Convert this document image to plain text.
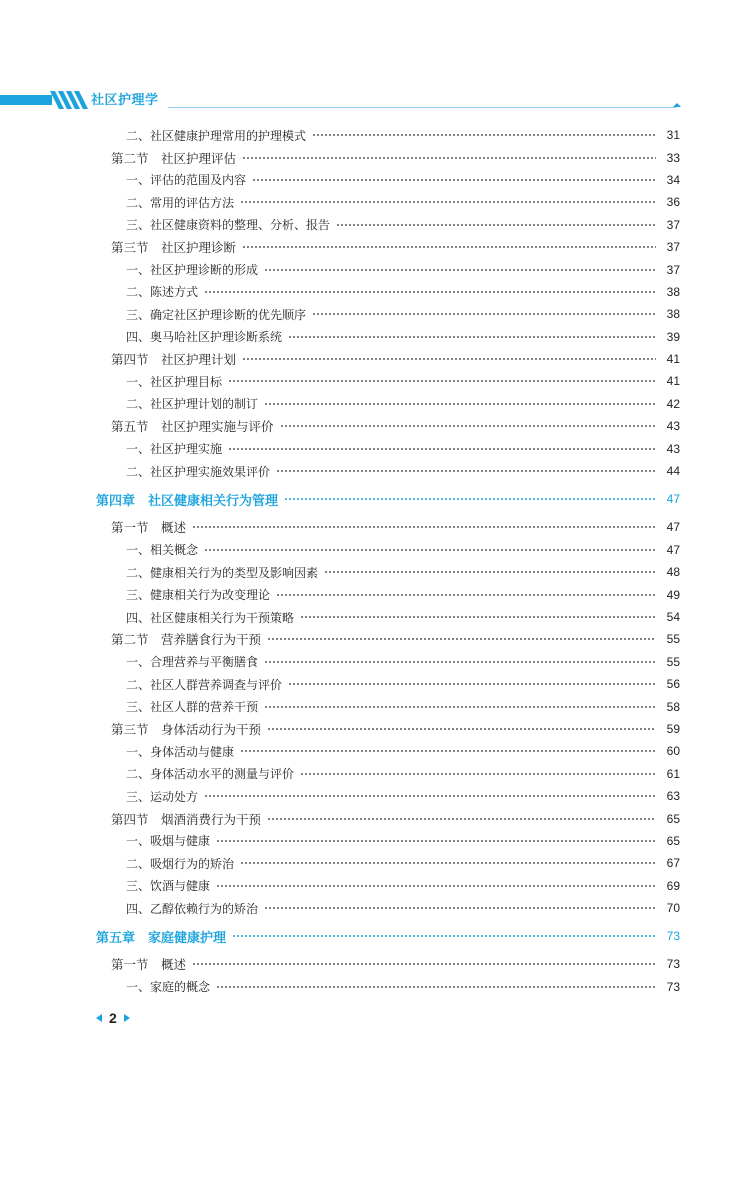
社区护理学
二、社区健康护理常用的护理模式	31
第二节　社区护理评估	33
一、评估的范围及内容	34
二、常用的评估方法	36
三、社区健康资料的整理、分析、报告	37
第三节　社区护理诊断	37
一、社区护理诊断的形成	37
二、陈述方式	38
三、确定社区护理诊断的优先顺序	38
四、奥马哈社区护理诊断系统	39
第四节　社区护理计划	41
一、社区护理目标	41
二、社区护理计划的制订	42
第五节　社区护理实施与评价	43
一、社区护理实施	43
二、社区护理实施效果评价	44
第四章　社区健康相关行为管理	47
第一节　概述	47
一、相关概念	47
二、健康相关行为的类型及影响因素	48
三、健康相关行为改变理论	49
四、社区健康相关行为干预策略	54
第二节　营养膳食行为干预	55
一、合理营养与平衡膳食	55
二、社区人群营养调查与评价	56
三、社区人群的营养干预	58
第三节　身体活动行为干预	59
一、身体活动与健康	60
二、身体活动水平的测量与评价	61
三、运动处方	63
第四节　烟酒消费行为干预	65
一、吸烟与健康	65
二、吸烟行为的矫治	67
三、饮酒与健康	69
四、乙醇依赖行为的矫治	70
第五章　家庭健康护理	73
第一节　概述	73
一、家庭的概念	73
2
